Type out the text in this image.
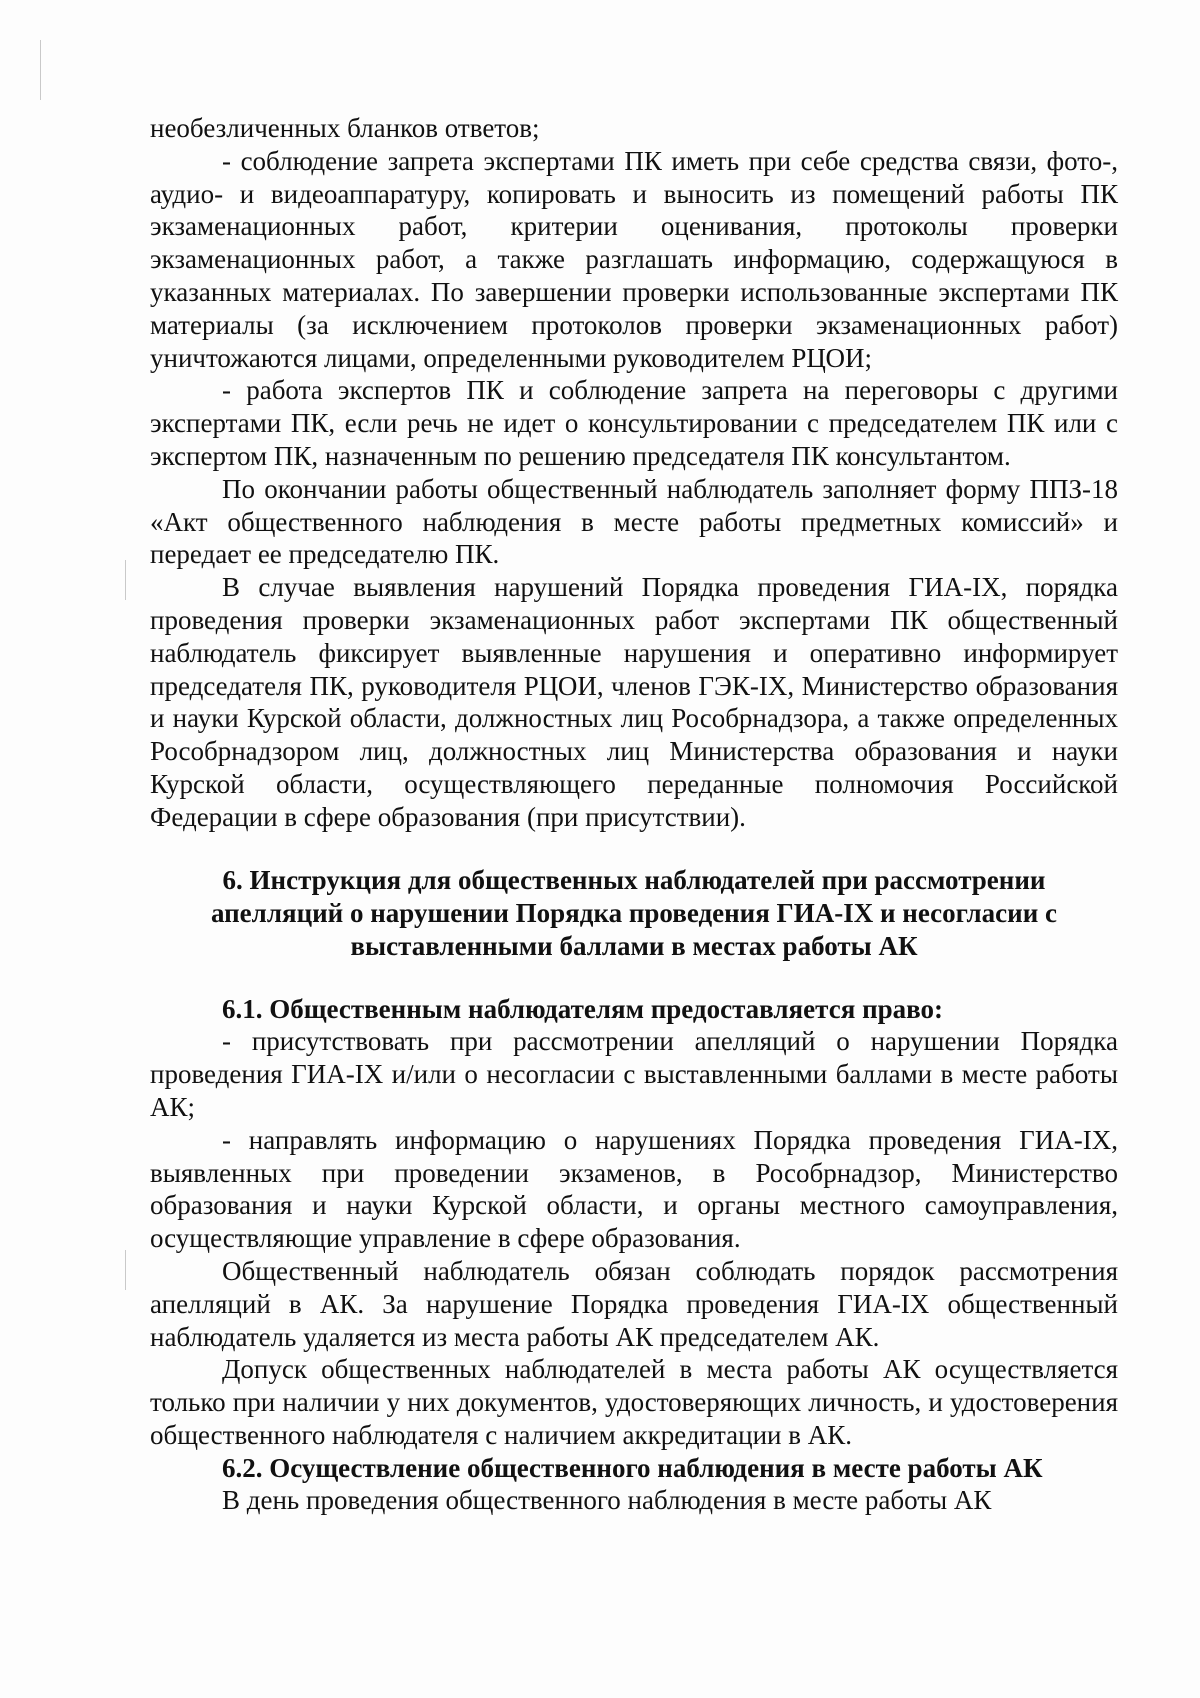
необезличенных бланков ответов;

- соблюдение запрета экспертами ПК иметь при себе средства связи, фото-, аудио- и видеоаппаратуру, копировать и выносить из помещений работы ПК экзаменационных работ, критерии оценивания, протоколы проверки экзаменационных работ, а также разглашать информацию, содержащуюся в указанных материалах. По завершении проверки использованные экспертами ПК материалы (за исключением протоколов проверки экзаменационных работ) уничтожаются лицами, определенными руководителем РЦОИ;

- работа экспертов ПК и соблюдение запрета на переговоры с другими экспертами ПК, если речь не идет о консультировании с председателем ПК или с экспертом ПК, назначенным по решению председателя ПК консультантом.

По окончании работы общественный наблюдатель заполняет форму ППЗ-18 «Акт общественного наблюдения в месте работы предметных комиссий» и передает ее председателю ПК.

В случае выявления нарушений Порядка проведения ГИА-IX, порядка проведения проверки экзаменационных работ экспертами ПК общественный наблюдатель фиксирует выявленные нарушения и оперативно информирует председателя ПК, руководителя РЦОИ, членов ГЭК-IX, Министерство образования и науки Курской области, должностных лиц Рособрнадзора, а также определенных Рособрнадзором лиц, должностных лиц Министерства образования и науки Курской области, осуществляющего переданные полномочия Российской Федерации в сфере образования (при присутствии).

6. Инструкция для общественных наблюдателей при рассмотрении апелляций о нарушении Порядка проведения ГИА-IX и несогласии с выставленными баллами в местах работы АК

6.1. Общественным наблюдателям предоставляется право:

- присутствовать при рассмотрении апелляций о нарушении Порядка проведения ГИА-IX и/или о несогласии с выставленными баллами в месте работы АК;

- направлять информацию о нарушениях Порядка проведения ГИА-IX, выявленных при проведении экзаменов, в Рособрнадзор, Министерство образования и науки Курской области, и органы местного самоуправления, осуществляющие управление в сфере образования.

Общественный наблюдатель обязан соблюдать порядок рассмотрения апелляций в АК. За нарушение Порядка проведения ГИА-IX общественный наблюдатель удаляется из места работы АК председателем АК.

Допуск общественных наблюдателей в места работы АК осуществляется только при наличии у них документов, удостоверяющих личность, и удостоверения общественного наблюдателя с наличием аккредитации в АК.

6.2. Осуществление общественного наблюдения в месте работы АК

В день проведения общественного наблюдения в месте работы АК
